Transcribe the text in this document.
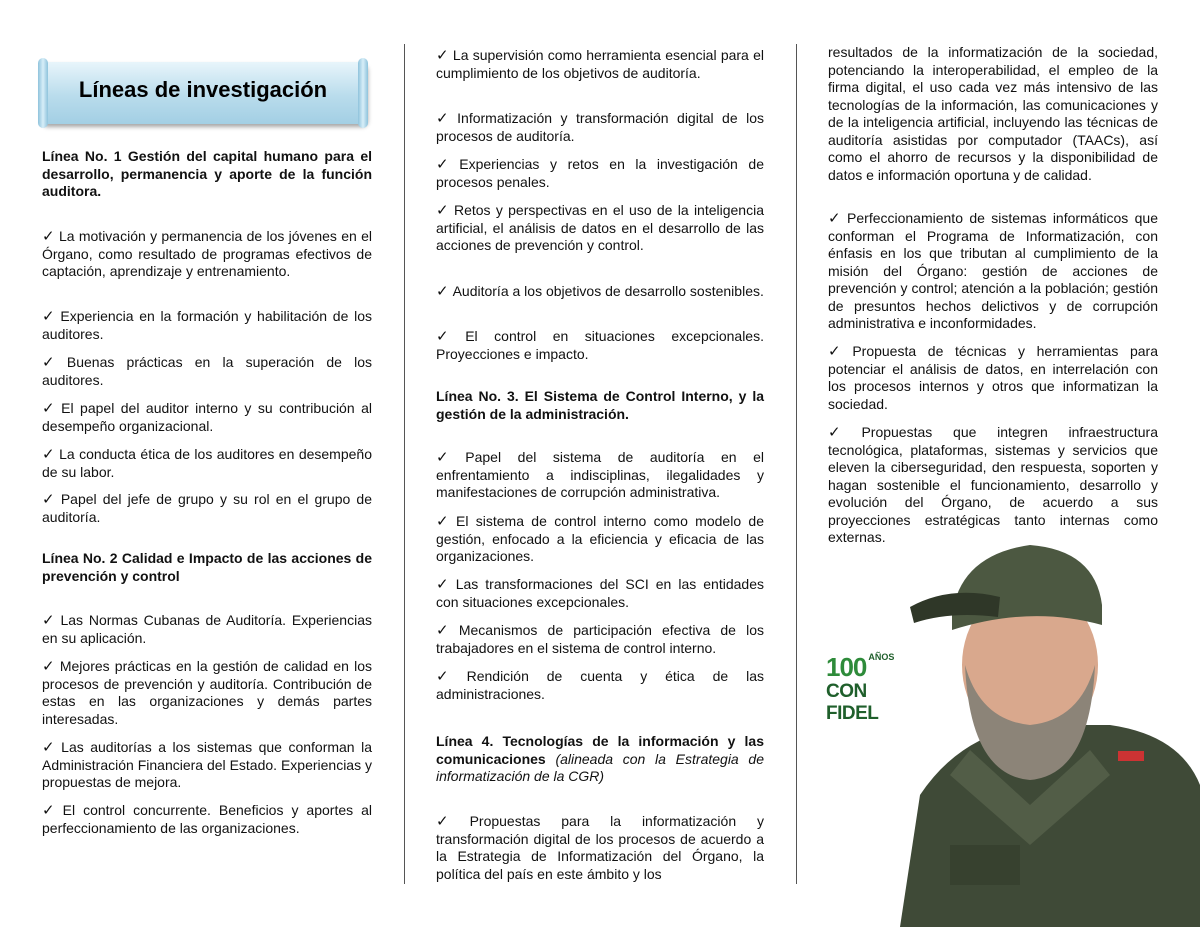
Líneas de investigación

Línea No. 1 Gestión del capital humano para el desarrollo, permanencia y aporte de la función auditora.

✓ La motivación y permanencia de los jóvenes en el Órgano, como resultado de programas efectivos de captación, aprendizaje y entrenamiento.

✓ Experiencia en la formación y habilitación de los auditores.

✓ Buenas prácticas en la superación de los auditores.

✓ El papel del auditor interno y su contribución al desempeño organizacional.

✓ La conducta ética de los auditores en desempeño de su labor.

✓ Papel del jefe de grupo y su rol en el grupo de auditoría.

Línea No. 2 Calidad e Impacto de las acciones de prevención y control

✓ Las Normas Cubanas de Auditoría. Experiencias en su aplicación.

✓ Mejores prácticas en la gestión de calidad en los procesos de prevención y auditoría. Contribución de estas en las organizaciones y demás partes interesadas.

✓ Las auditorías a los sistemas que conforman la Administración Financiera del Estado. Experiencias y propuestas de mejora.

✓ El control concurrente. Beneficios y aportes al perfeccionamiento de las organizaciones.

✓ La supervisión como herramienta esencial para el cumplimiento de los objetivos de auditoría.

✓ Informatización y transformación digital de los procesos de auditoría.

✓ Experiencias y retos en la investigación de procesos penales.

✓ Retos y perspectivas en el uso de la inteligencia artificial, el análisis de datos en el desarrollo de las acciones de prevención y control.

✓ Auditoría a los objetivos de desarrollo sostenibles.

✓ El control en situaciones excepcionales. Proyecciones e impacto.

Línea No. 3. El Sistema de Control Interno, y la gestión de la administración.

✓ Papel del sistema de auditoría en el enfrentamiento a indisciplinas, ilegalidades y manifestaciones de corrupción administrativa.

✓ El sistema de control interno como modelo de gestión, enfocado a la eficiencia y eficacia de las organizaciones.

✓ Las transformaciones del SCI en las entidades con situaciones excepcionales.

✓ Mecanismos de participación efectiva de los trabajadores en el sistema de control interno.

✓ Rendición de cuenta y ética de las administraciones.

Línea 4. Tecnologías de la información y las comunicaciones (alineada con la Estrategia de informatización de la CGR)

✓ Propuestas para la informatización y transformación digital de los procesos de acuerdo a la Estrategia de Informatización del Órgano, la política del país en este ámbito y los

resultados de la informatización de la sociedad, potenciando la interoperabilidad, el empleo de la firma digital, el uso cada vez más intensivo de las tecnologías de la información, las comunicaciones y de la inteligencia artificial, incluyendo las técnicas de auditoría asistidas por computador (TAACs), así como el ahorro de recursos y la disponibilidad de datos e información oportuna y de calidad.

✓ Perfeccionamiento de sistemas informáticos que conforman el Programa de Informatización, con énfasis en los que tributan al cumplimiento de la misión del Órgano: gestión de acciones de prevención y control; atención a la población; gestión de presuntos hechos delictivos y de corrupción administrativa e inconformidades.

✓ Propuesta de técnicas y herramientas para potenciar el análisis de datos, en interrelación con los procesos internos y otros que informatizan la sociedad.

✓ Propuestas que integren infraestructura tecnológica, plataformas, sistemas y servicios que eleven la ciberseguridad, den respuesta, soporten y hagan sostenible el funcionamiento, desarrollo y evolución del Órgano, de acuerdo a sus proyecciones estratégicas tanto internas como externas.

100 $^{AÑOS}$
CON FIDEL
